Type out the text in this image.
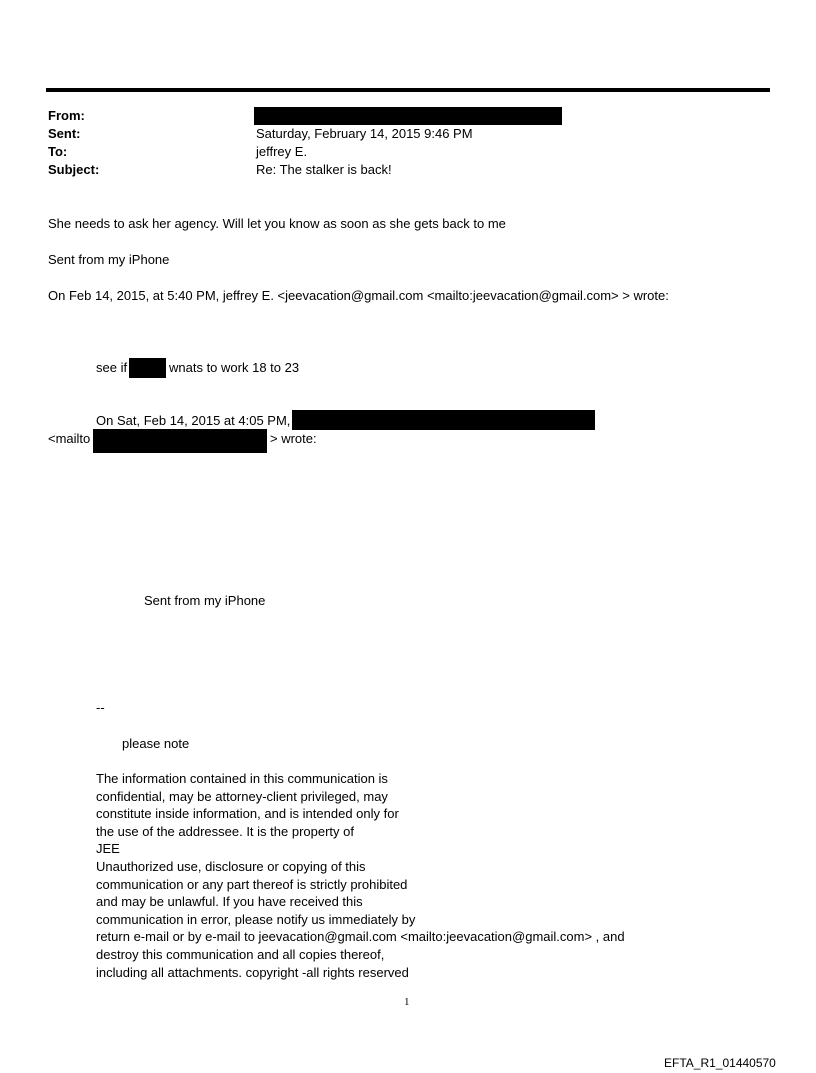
From:
Sent:	Saturday, February 14, 2015 9:46 PM
To:	jeffrey E.
Subject:	Re: The stalker is back!
She needs to ask her agency. Will let you know as soon as she gets back to me
Sent from my iPhone
On Feb 14, 2015, at 5:40 PM, jeffrey E. <jeevacation@gmail.com <mailto:jeevacation@gmail.com> > wrote:
see if	wnats to work 18 to 23
On Sat, Feb 14, 2015 at 4:05 PM,
<mailto	> wrote:
Sent from my iPhone
--
please note
The information contained in this communication is
confidential, may be attorney-client privileged, may
constitute inside information, and is intended only for
the use of the addressee. It is the property of
JEE
Unauthorized use, disclosure or copying of this
communication or any part thereof is strictly prohibited
and may be unlawful. If you have received this
communication in error, please notify us immediately by
return e-mail or by e-mail to jeevacation@gmail.com <mailto:jeevacation@gmail.com> , and
destroy this communication and all copies thereof,
including all attachments. copyright -all rights reserved
1
EFTA_R1_01440570
